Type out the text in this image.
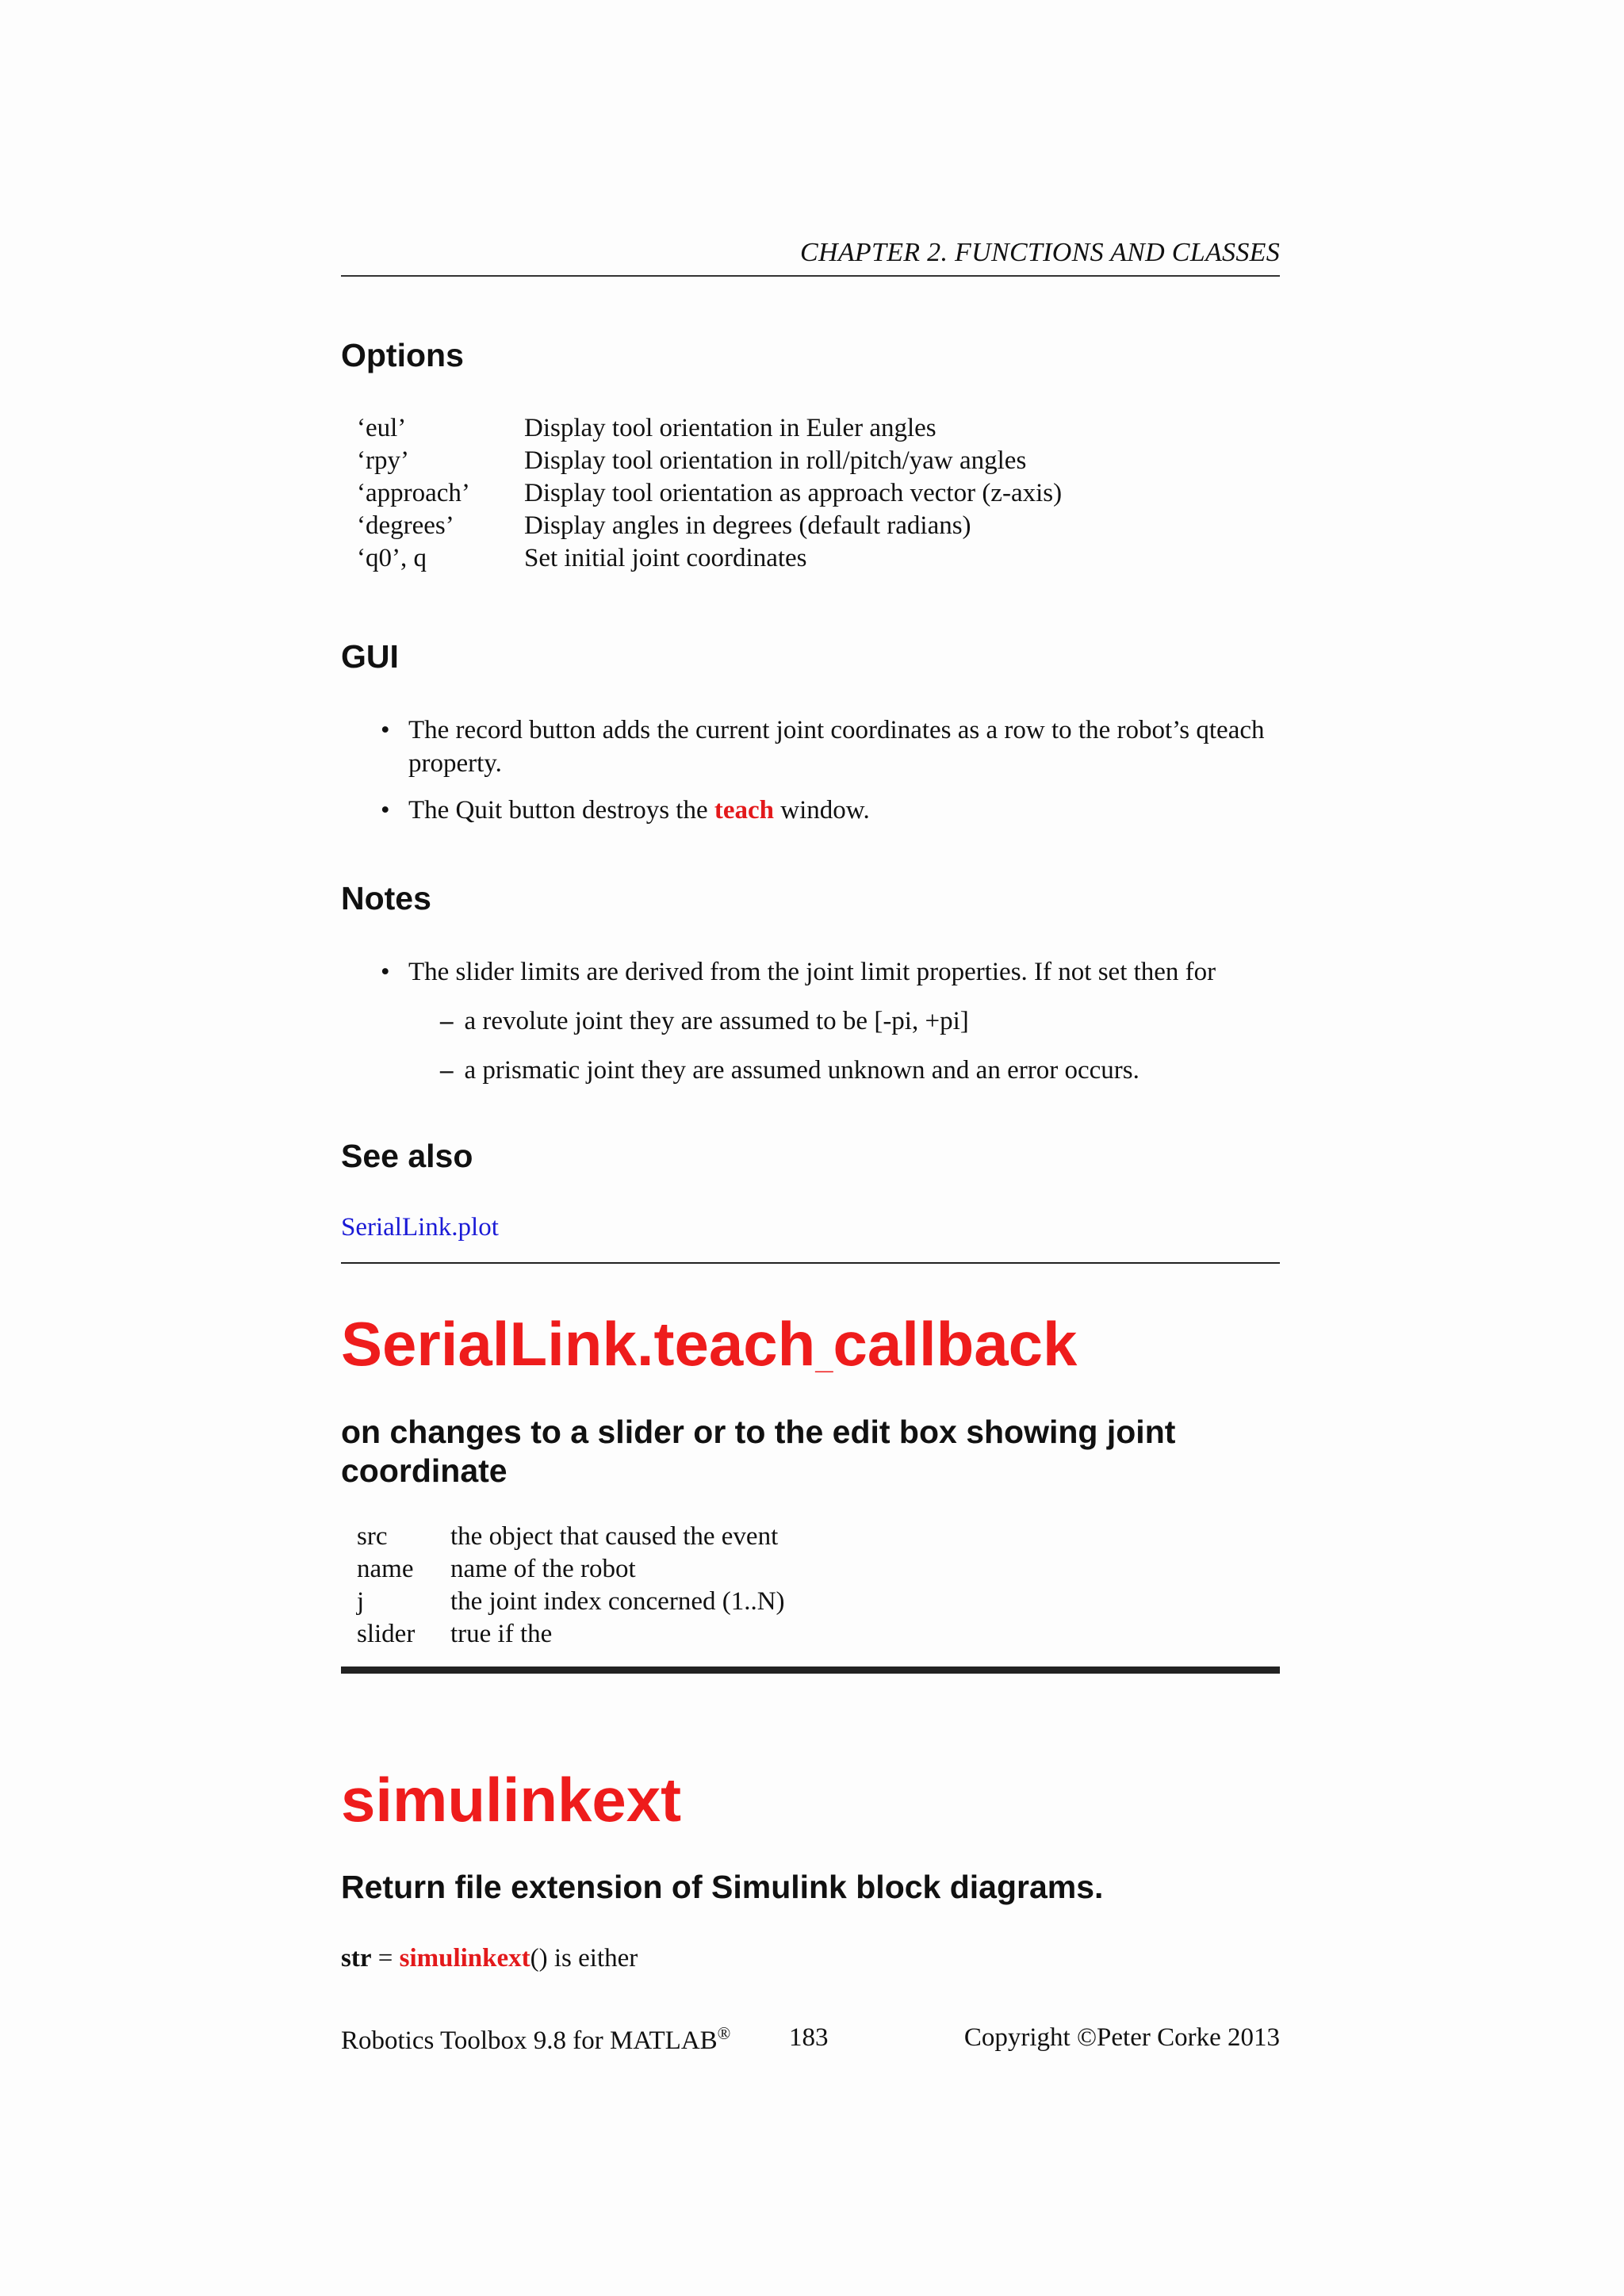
CHAPTER 2. FUNCTIONS AND CLASSES
Options
‘eul’	Display tool orientation in Euler angles
‘rpy’	Display tool orientation in roll/pitch/yaw angles
‘approach’	Display tool orientation as approach vector (z-axis)
‘degrees’	Display angles in degrees (default radians)
‘q0’, q	Set initial joint coordinates
GUI
• The record button adds the current joint coordinates as a row to the robot’s qteach property.
• The Quit button destroys the teach window.
Notes
• The slider limits are derived from the joint limit properties. If not set then for
– a revolute joint they are assumed to be [-pi, +pi]
– a prismatic joint they are assumed unknown and an error occurs.
See also
SerialLink.plot
SerialLink.teach_callback
on changes to a slider or to the edit box showing joint coordinate
src	the object that caused the event
name	name of the robot
j	the joint index concerned (1..N)
slider	true if the
simulinkext
Return file extension of Simulink block diagrams.
str = simulinkext() is either
Robotics Toolbox 9.8 for MATLAB® 183	Copyright ©Peter Corke 2013
